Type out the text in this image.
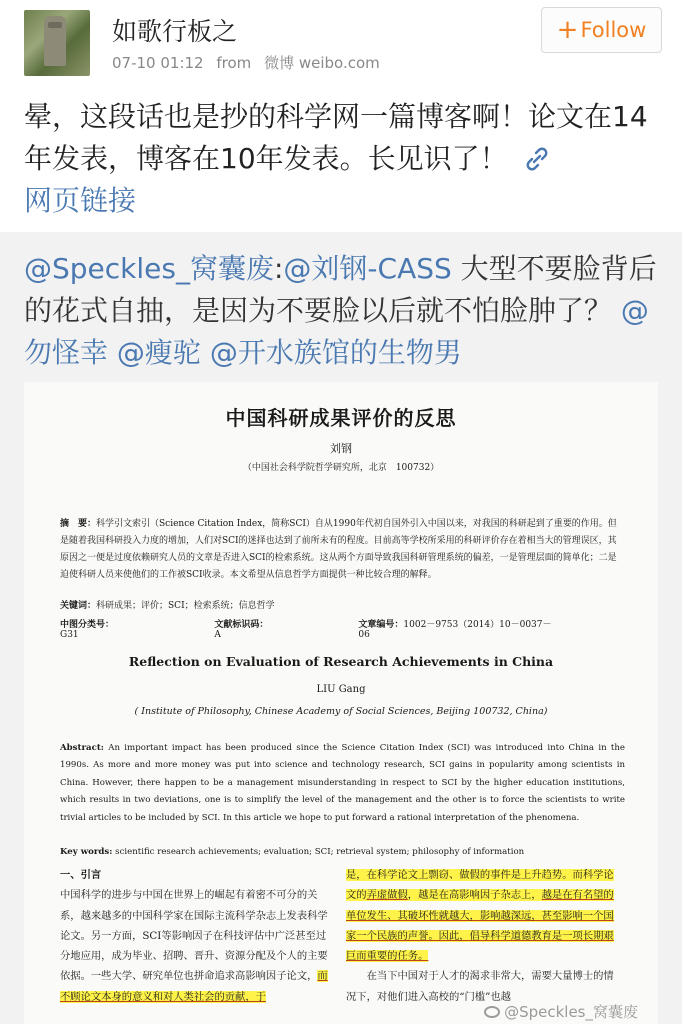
如歌行板之
07-10 01:12 from 微博 weibo.com
+ Follow
晕，这段话也是抄的科学网一篇博客啊！论文在14年发表，博客在10年发表。长见识了！
网页链接
@Speckles_窝囊废:@刘钢-CASS 大型不要脸背后的花式自抽，是因为不要脸以后就不怕脸肿了？ @勿怪幸 @瘦驼 @开水族馆的生物男
中国科研成果评价的反思
刘钢
（中国社会科学院哲学研究所，北京　100732）
摘　要：科学引文索引（Science Citation Index，简称SCI）自从1990年代初自国外引入中国以来，对我国的科研起到了重要的作用。但是随着我国科研投入力度的增加，人们对SCI的迷择也达到了前所未有的程度。目前高等学校所采用的科研评价存在着相当大的管理误区，其原因之一便是过度依赖研究人员的文章是否进入SCI的检索系统。这从两个方面导致我国科研管理系统的偏差，一是管理层面的简单化；二是迫使科研人员来使他们的工作被SCI收录。本文希望从信息哲学方面提供一种比较合理的解释。
关键词：科研成果；评价；SCI；检索系统；信息哲学
中图分类号：G31
文献标识码：A
文章编号：1002－9753（2014）10－0037－06
Reflection on Evaluation of Research Achievements in China
LIU Gang
( Institute of Philosophy, Chinese Academy of Social Sciences, Beijing 100732, China)
Abstract: An important impact has been produced since the Science Citation Index (SCI) was introduced into China in the 1990s. As more and more money was put into science and technology research, SCI gains in popularity among scientists in China. However, there happen to be a management misunderstanding in respect to SCI by the higher education institutions, which results in two deviations, one is to simplify the level of the management and the other is to force the scientists to write trivial articles to be included by SCI. In this article we hope to put forward a rational interpretation of the phenomena.
Key words: scientific research achievements; evaluation; SCI; retrieval system; philosophy of information
一、引言
中国科学的进步与中国在世界上的崛起有着密不可分的关系，越来越多的中国科学家在国际主流科学杂志上发表科学论文。另一方面，SCI等影响因子在科技评估中广泛甚至过分地应用，成为毕业、招聘、晋升、资源分配及个人的主要依据。一些大学、研究单位也拼命追求高影响因子论文，而不顾论文本身的意义和对人类社会的贡献，于
是，在科学论文上剽窃、做假的事件是上升趋势。而科学论文的弄虚做假，越是在高影响因子杂志上，越是在有名望的单位发生、其破坏性就越大，影响越深远，甚至影响一个国家一个民族的声誉。因此，倡导科学道德教育是一项长期艰巨而重要的任务。
　　在当下中国对于人才的渴求非常大，需要大量博士的情况下，对他们进入高校的“门槛”也越
@Speckles_窝囊废
